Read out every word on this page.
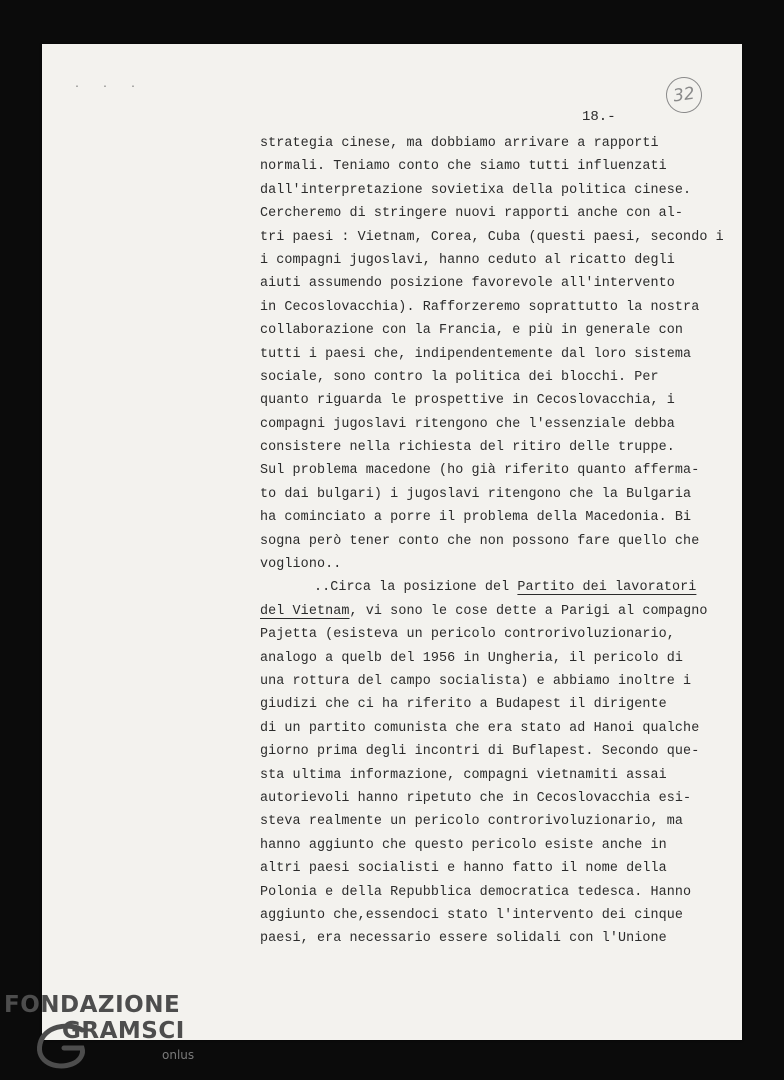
· · ·
18.-
32
strategia cinese, ma dobbiamo arrivare a rapporti
normali. Teniamo conto che siamo tutti influenzati
dall'interpretazione sovietixa della politica cinese.
Cercheremo di stringere nuovi rapporti anche con al-
tri paesi : Vietnam, Corea, Cuba (questi paesi, secondo i
i compagni jugoslavi, hanno ceduto al ricatto degli
aiuti assumendo posizione favorevole all'intervento
in Cecoslovacchia). Rafforzeremo soprattutto la nostra
collaborazione con la Francia, e più in generale con
tutti i paesi che, indipendentemente dal loro sistema
sociale, sono contro la politica dei blocchi. Per
quanto riguarda le prospettive in Cecoslovacchia, i
compagni jugoslavi ritengono che l'essenziale debba
consistere nella richiesta del ritiro delle truppe.
Sul problema macedone (ho già riferito quanto afferma-
to dai bulgari) i jugoslavi ritengono che la Bulgaria
ha cominciato a porre il problema della Macedonia. Bi
sogna però tener conto che non possono fare quello che
vogliono..
..Circa la posizione del Partito dei lavoratori
del Vietnam, vi sono le cose dette a Parigi al compagno
Pajetta (esisteva un pericolo controrivoluzionario,
analogo a quelb del 1956 in Ungheria, il pericolo di
una rottura del campo socialista) e abbiamo inoltre i
giudizi che ci ha riferito a Budapest il dirigente
di un partito comunista che era stato ad Hanoi qualche
giorno prima degli incontri di Buflapest. Secondo que-
sta ultima informazione, compagni vietnamiti assai
autorievoli hanno ripetuto che in Cecoslovacchia esi-
steva realmente un pericolo controrivoluzionario, ma
hanno aggiunto che questo pericolo esiste anche in
altri paesi socialisti e hanno fatto il nome della
Polonia e della Repubblica democratica tedesca. Hanno
aggiunto che,essendoci stato l'intervento dei cinque
paesi, era necessario essere solidali con l'Unione
FONDAZIONE
GRAMSCI
onlus
